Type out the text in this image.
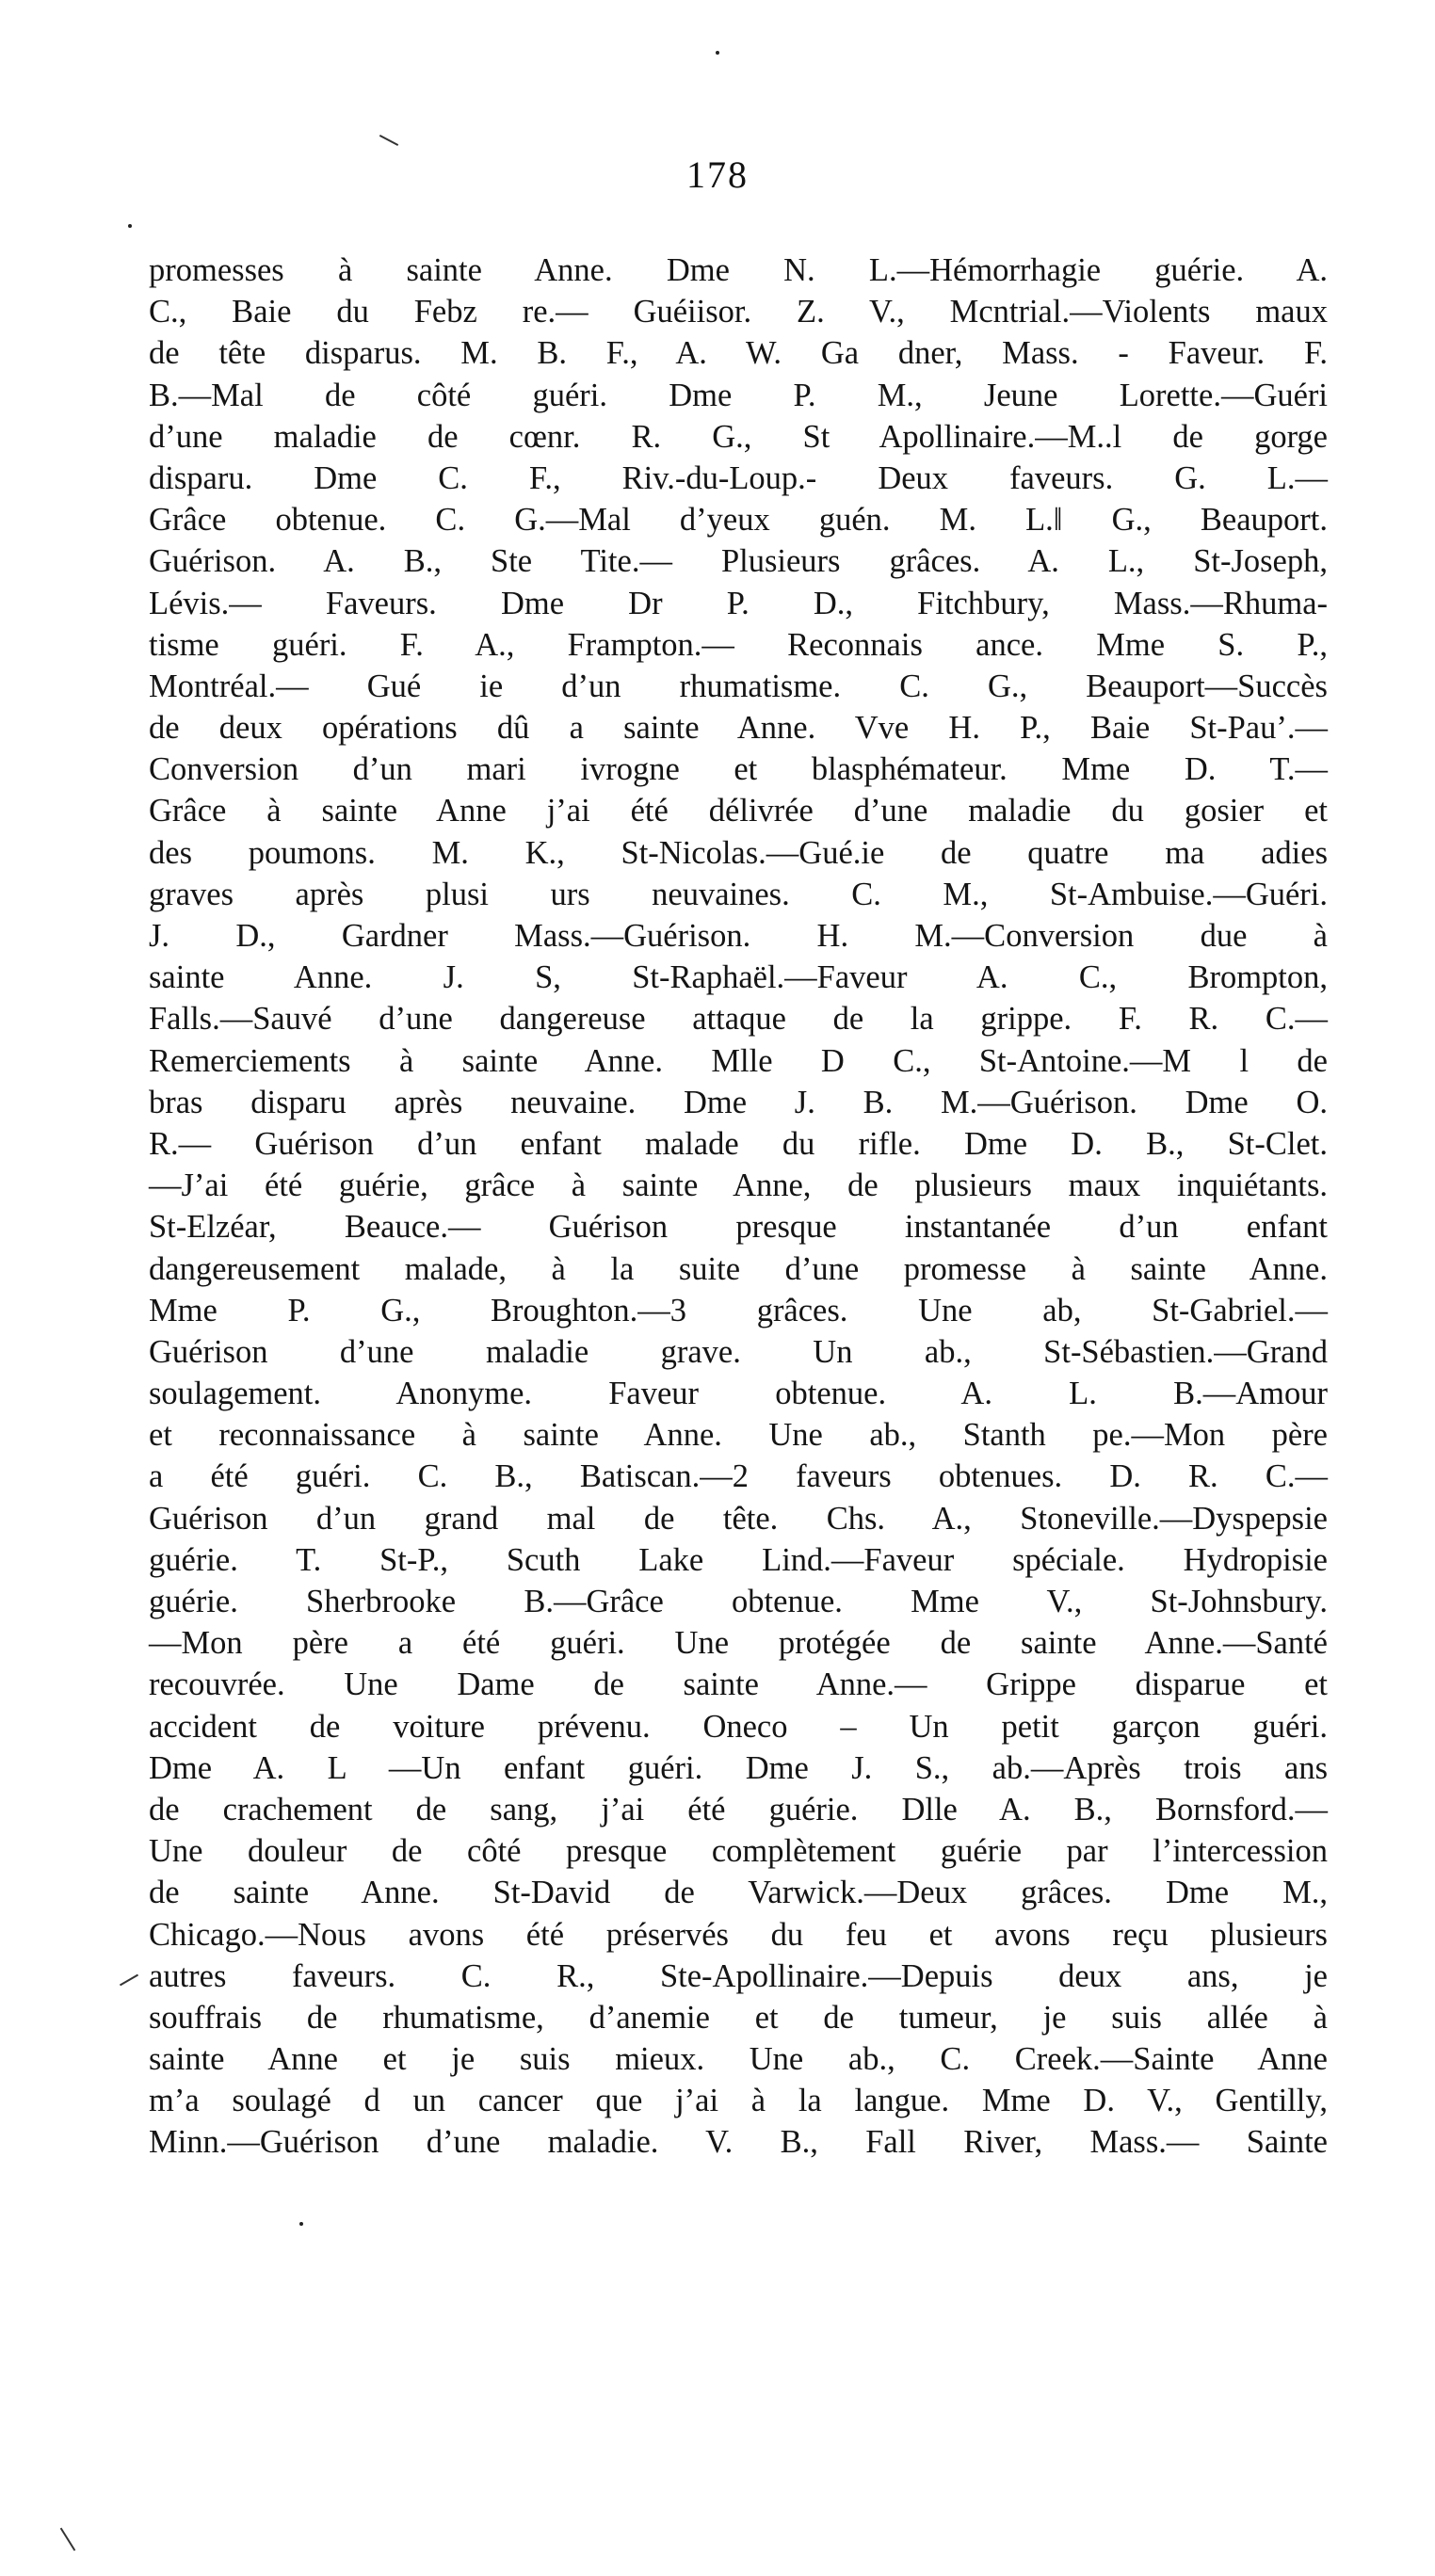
178
promesses à sainte Anne. Dme N. L.—Hémorrhagie guérie. A.
C., Baie du Febz re.— Guéiisor. Z. V., Mcntrial.—Violents maux
de tête disparus. M. B. F., A. W. Ga dner, Mass. - Faveur. F.
B.—Mal de côté guéri. Dme P. M., Jeune Lorette.—Guéri
d’une maladie de cœnr. R. G., St Apollinaire.—M..l de gorge
disparu. Dme C. F., Riv.-du-Loup.- Deux faveurs. G. L.—
Grâce obtenue. C. G.—Mal d’yeux guén. M. L.‖ G., Beauport.
Guérison. A. B., Ste Tite.— Plusieurs grâces. A. L., St-Joseph,
Lévis.— Faveurs. Dme Dr P. D., Fitchbury, Mass.—Rhuma-
tisme guéri. F. A., Frampton.— Reconnais ance. Mme S. P.,
Montréal.— Gué ie d’un rhumatisme. C. G., Beauport—Succès
de deux opérations dû a sainte Anne. Vve H. P., Baie St-Pau’.—
Conversion d’un mari ivrogne et blasphémateur. Mme D. T.—
Grâce à sainte Anne j’ai été délivrée d’une maladie du gosier et
des poumons. M. K., St-Nicolas.—Gué.ie de quatre ma adies
graves après plusi urs neuvaines. C. M., St-Ambuise.—Guéri.
J. D., Gardner Mass.—Guérison. H. M.—Conversion due à
sainte Anne. J. S, St-Raphaël.—Faveur A. C., Brompton,
Falls.—Sauvé d’une dangereuse attaque de la grippe. F. R. C.—
Remerciements à sainte Anne. Mlle D C., St-Antoine.—M l de
bras disparu après neuvaine. Dme J. B. M.—Guérison. Dme O.
R.— Guérison d’un enfant malade du rifle. Dme D. B., St-Clet.
—J’ai été guérie, grâce à sainte Anne, de plusieurs maux inquiétants.
St-Elzéar, Beauce.— Guérison presque instantanée d’un enfant
dangereusement malade, à la suite d’une promesse à sainte Anne.
Mme P. G., Broughton.—3 grâces. Une ab, St-Gabriel.—
Guérison d’une maladie grave. Un ab., St-Sébastien.—Grand
soulagement. Anonyme. Faveur obtenue. A. L. B.—Amour
et reconnaissance à sainte Anne. Une ab., Stanth pe.—Mon père
a été guéri. C. B., Batiscan.—2 faveurs obtenues. D. R. C.—
Guérison d’un grand mal de tête. Chs. A., Stoneville.—Dyspepsie
guérie. T. St-P., Scuth Lake Lind.—Faveur spéciale. Hydropisie
guérie. Sherbrooke B.—Grâce obtenue. Mme V., St-Johnsbury.
—Mon père a été guéri. Une protégée de sainte Anne.—Santé
recouvrée. Une Dame de sainte Anne.— Grippe disparue et
accident de voiture prévenu. Oneco – Un petit garçon guéri.
Dme A. L —Un enfant guéri. Dme J. S., ab.—Après trois ans
de crachement de sang, j’ai été guérie. Dlle A. B., Bornsford.—
Une douleur de côté presque complètement guérie par l’intercession
de sainte Anne. St-David de Varwick.—Deux grâces. Dme M.,
Chicago.—Nous avons été préservés du feu et avons reçu plusieurs
autres faveurs. C. R., Ste-Apollinaire.—Depuis deux ans, je
souffrais de rhumatisme, d’anemie et de tumeur, je suis allée à
sainte Anne et je suis mieux. Une ab., C. Creek.—Sainte Anne
m’a soulagé d un cancer que j’ai à la langue. Mme D. V., Gentilly,
Minn.—Guérison d’une maladie. V. B., Fall River, Mass.— Sainte
